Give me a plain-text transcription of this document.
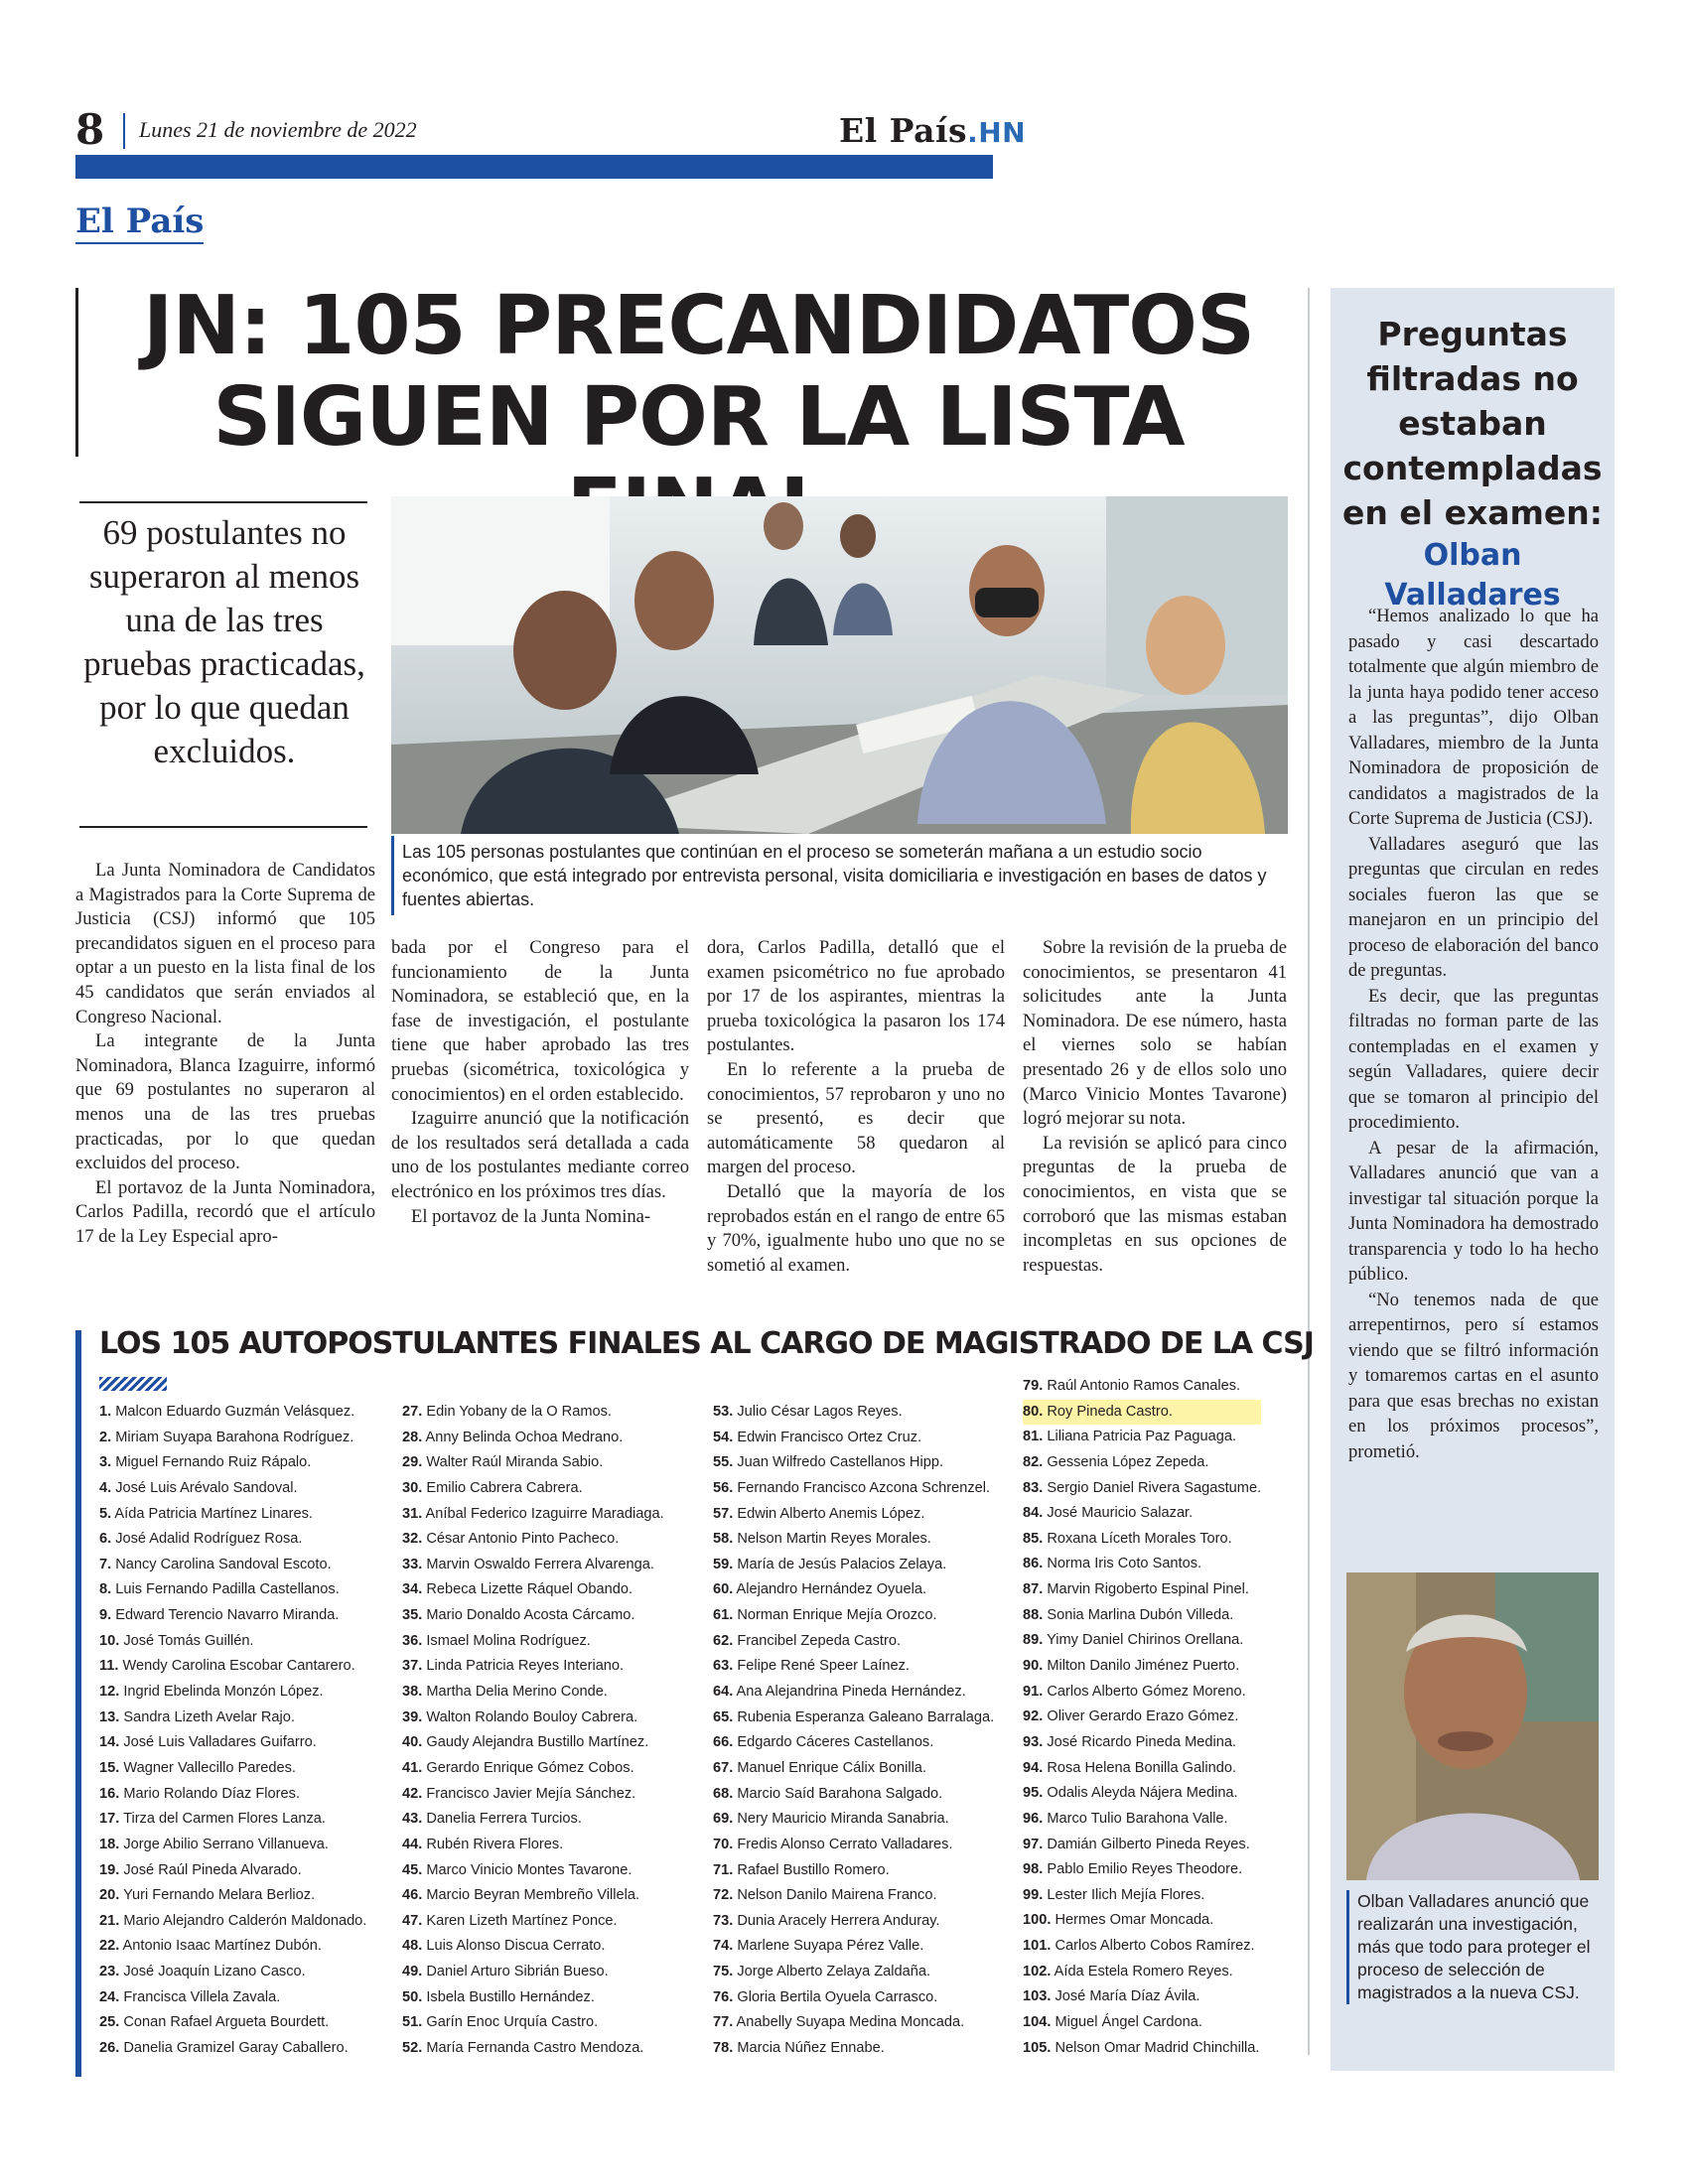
8 Lunes 21 de noviembre de 2022	El País.HN
El País
JN: 105 PRECANDIDATOS SIGUEN POR LA LISTA
69 postulantes no superaron al menos una de las tres pruebas practicadas, por lo que quedan excluidos.
Las 105 personas postulantes que continúan en el proceso se someterán mañana a un estudio socio económico, que está integrado por entrevista personal, visita domiciliaria e investigación en bases de datos y fuentes abiertas.

La Junta Nominadora de Candidatos a Magistrados para la Corte Suprema de Justicia (CSJ) informó que 105 precandidatos siguen en el proceso para optar a un puesto en la lista final de los 45 candidatos que serán enviados al Congreso Nacional.

La integrante de la Junta Nominadora, Blanca Izaguirre, informó que 69 postulantes no superaron al menos una de las tres pruebas practicadas, por lo que quedan excluidos del proceso.

El portavoz de la Junta Nominadora, Carlos Padilla, recordó que el artículo 17 de la Ley Especial apro-

bada por el Congreso para el funcionamiento de la Junta Nominadora, se estableció que, en la fase de investigación, el postulante tiene que haber aprobado las tres pruebas (sicométrica, toxicológica y conocimientos) en el orden establecido.

Izaguirre anunció que la notificación de los resultados será detallada a cada uno de los postulantes mediante correo electrónico en los próximos tres días.

El portavoz de la Junta Nomina-

dora, Carlos Padilla, detalló que el examen psicométrico no fue aprobado por 17 de los aspirantes, mientras la prueba toxicológica la pasaron los 174 postulantes.

En lo referente a la prueba de conocimientos, 57 reprobaron y uno no se presentó, es decir que automáticamente 58 quedaron al margen del proceso.

Detalló que la mayoría de los reprobados están en el rango de entre 65 y 70%, igualmente hubo uno que no se sometió al examen.

Sobre la revisión de la prueba de conocimientos, se presentaron 41 solicitudes ante la Junta Nominadora. De ese número, hasta el viernes solo se habían presentado 26 y de ellos solo uno (Marco Vinicio Montes Tavarone) logró mejorar su nota.

La revisión se aplicó para cinco preguntas de la prueba de conocimientos, en vista que se corroboró que las mismas estaban incompletas en sus opciones de respuestas.

LOS 105 AUTOPOSTULANTES FINALES AL CARGO DE MAGISTRADO DE LA CSJ
1. Malcon Eduardo Guzmán Velásquez.
2. Miriam Suyapa Barahona Rodríguez.
3. Miguel Fernando Ruiz Rápalo.
4. José Luis Arévalo Sandoval.
5. Aída Patricia Martínez Linares.
6. José Adalid Rodríguez Rosa.
7. Nancy Carolina Sandoval Escoto.
8. Luis Fernando Padilla Castellanos.
9. Edward Terencio Navarro Miranda.
10. José Tomás Guillén.
11. Wendy Carolina Escobar Cantarero.
12. Ingrid Ebelinda Monzón López.
13. Sandra Lizeth Avelar Rajo.
14. José Luis Valladares Guifarro.
15. Wagner Vallecillo Paredes.
16. Mario Rolando Díaz Flores.
17. Tirza del Carmen Flores Lanza.
18. Jorge Abilio Serrano Villanueva.
19. José Raúl Pineda Alvarado.
20. Yuri Fernando Melara Berlioz.
21. Mario Alejandro Calderón Maldonado.
22. Antonio Isaac Martínez Dubón.
23. José Joaquín Lizano Casco.
24. Francisca Villela Zavala.
25. Conan Rafael Argueta Bourdett.
26. Danelia Gramizel Garay Caballero.
27. Edin Yobany de la O Ramos.
28. Anny Belinda Ochoa Medrano.
29. Walter Raúl Miranda Sabio.
30. Emilio Cabrera Cabrera.
31. Aníbal Federico Izaguirre Maradiaga.
32. César Antonio Pinto Pacheco.
33. Marvin Oswaldo Ferrera Alvarenga.
34. Rebeca Lizette Ráquel Obando.
35. Mario Donaldo Acosta Cárcamo.
36. Ismael Molina Rodríguez.
37. Linda Patricia Reyes Interiano.
38. Martha Delia Merino Conde.
39. Walton Rolando Bouloy Cabrera.
40. Gaudy Alejandra Bustillo Martínez.
41. Gerardo Enrique Gómez Cobos.
42. Francisco Javier Mejía Sánchez.
43. Danelia Ferrera Turcios.
44. Rubén Rivera Flores.
45. Marco Vinicio Montes Tavarone.
46. Marcio Beyran Membreño Villela.
47. Karen Lizeth Martínez Ponce.
48. Luis Alonso Discua Cerrato.
49. Daniel Arturo Sibrián Bueso.
50. Isbela Bustillo Hernández.
51. Garín Enoc Urquía Castro.
52. María Fernanda Castro Mendoza.
53. Julio César Lagos Reyes.
54. Edwin Francisco Ortez Cruz.
55. Juan Wilfredo Castellanos Hipp.
56. Fernando Francisco Azcona Schrenzel.
57. Edwin Alberto Anemis López.
58. Nelson Martin Reyes Morales.
59. María de Jesús Palacios Zelaya.
60. Alejandro Hernández Oyuela.
61. Norman Enrique Mejía Orozco.
62. Francibel Zepeda Castro.
63. Felipe René Speer Laínez.
64. Ana Alejandrina Pineda Hernández.
65. Rubenia Esperanza Galeano Barralaga.
66. Edgardo Cáceres Castellanos.
67. Manuel Enrique Cálix Bonilla.
68. Marcio Saíd Barahona Salgado.
69. Nery Mauricio Miranda Sanabria.
70. Fredis Alonso Cerrato Valladares.
71. Rafael Bustillo Romero.
72. Nelson Danilo Mairena Franco.
73. Dunia Aracely Herrera Anduray.
74. Marlene Suyapa Pérez Valle.
75. Jorge Alberto Zelaya Zaldaña.
76. Gloria Bertila Oyuela Carrasco.
77. Anabelly Suyapa Medina Moncada.
78. Marcia Núñez Ennabe.
79. Raúl Antonio Ramos Canales.
80. Roy Pineda Castro.
81. Liliana Patricia Paz Paguaga.
82. Gessenia López Zepeda.
83. Sergio Daniel Rivera Sagastume.
84. José Mauricio Salazar.
85. Roxana Líceth Morales Toro.
86. Norma Iris Coto Santos.
87. Marvin Rigoberto Espinal Pinel.
88. Sonia Marlina Dubón Villeda.
89. Yimy Daniel Chirinos Orellana.
90. Milton Danilo Jiménez Puerto.
91. Carlos Alberto Gómez Moreno.
92. Oliver Gerardo Erazo Gómez.
93. José Ricardo Pineda Medina.
94. Rosa Helena Bonilla Galindo.
95. Odalis Aleyda Nájera Medina.
96. Marco Tulio Barahona Valle.
97. Damián Gilberto Pineda Reyes.
98. Pablo Emilio Reyes Theodore.
99. Lester Ilich Mejía Flores.
100. Hermes Omar Moncada.
101. Carlos Alberto Cobos Ramírez.
102. Aída Estela Romero Reyes.
103. José María Díaz Ávila.
104. Miguel Ángel Cardona.
105. Nelson Omar Madrid Chinchilla.
Preguntas filtradas no estaban contempladas en el examen:
Olban Valladares

“Hemos analizado lo que ha pasado y casi descartado totalmente que algún miembro de la junta haya podido tener acceso a las preguntas”, dijo Olban Valladares, miembro de la Junta Nominadora de proposición de candidatos a magistrados de la Corte Suprema de Justicia (CSJ).

Valladares aseguró que las preguntas que circulan en redes sociales fueron las que se manejaron en un principio del proceso de elaboración del banco de preguntas.

Es decir, que las preguntas filtradas no forman parte de las contempladas en el examen y según Valladares, quiere decir que se tomaron al principio del procedimiento.

A pesar de la afirmación, Valladares anunció que van a investigar tal situación porque la Junta Nominadora ha demostrado transparencia y todo lo ha hecho público.

“No tenemos nada de que arrepentirnos, pero sí estamos viendo que se filtró información y tomaremos cartas en el asunto para que esas brechas no existan en los próximos procesos”, prometió.

Olban Valladares anunció que realizarán una investigación, más que todo para proteger el proceso de selección de magistrados a la nueva CSJ.
